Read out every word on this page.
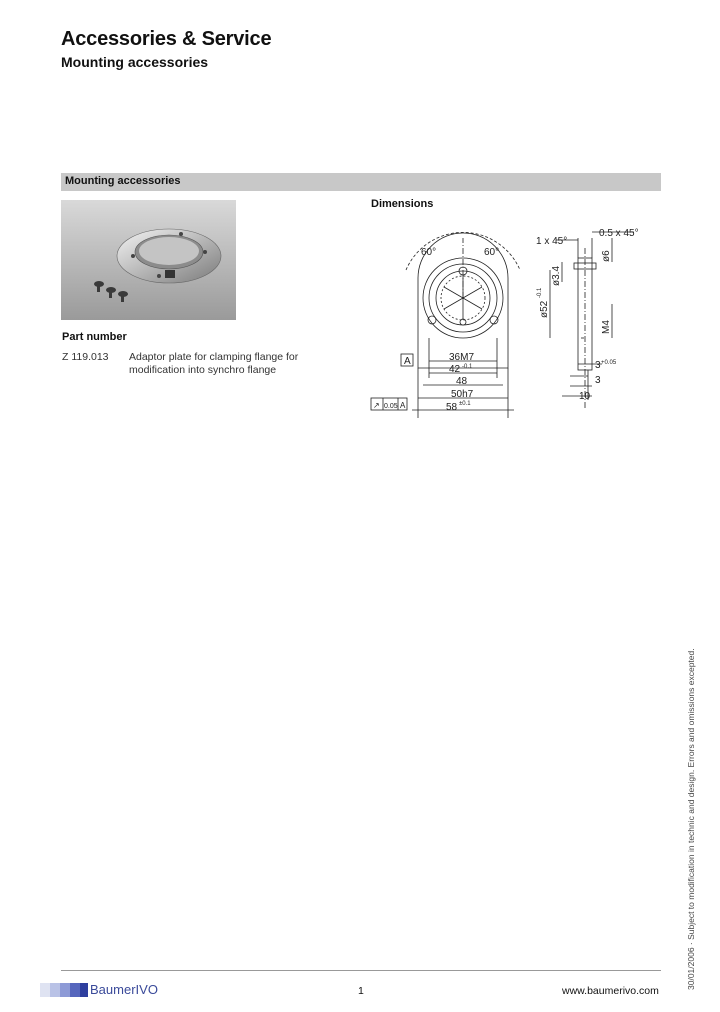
Accessories & Service
Mounting accessories
Mounting accessories
Part number
Z 119.013 Adaptor plate for clamping flange for modification into synchro flange
Dimensions
60°	60°
36M7
42 -0.1
48
50h7
58 ±0.1
A
↗ 0.05 A
1 x 45°
0.5 x 45°
ø6
ø3.4
ø52
-0.1
M4
3 +0.05
3
10
30/01/2006 · Subject to modification in technic and design. Errors and omissions excepted.
BaumerIVO	1	www.baumerivo.com
